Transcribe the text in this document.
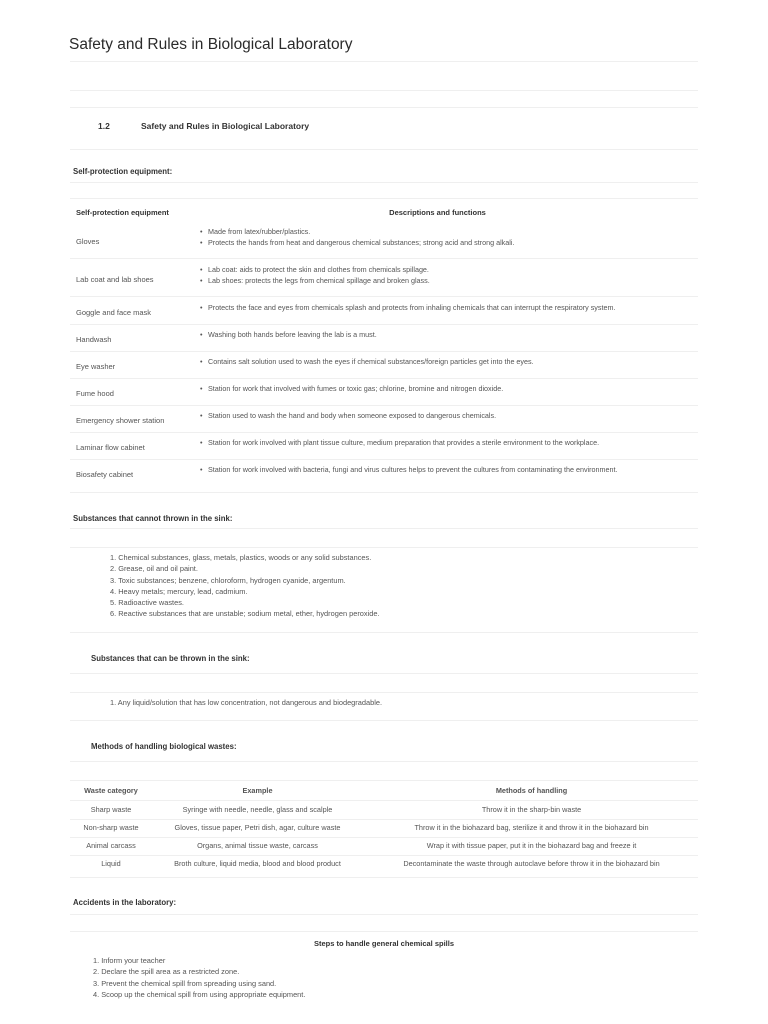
Safety and Rules in Biological Laboratory
1.2	Safety and Rules in Biological Laboratory
Self-protection equipment:
Self-protection equipment	Descriptions and functions
Gloves
• Made from latex/rubber/plastics.
• Protects the hands from heat and dangerous chemical substances; strong acid and strong alkali.
Lab coat and lab shoes
• Lab coat: aids to protect the skin and clothes from chemicals spillage.
• Lab shoes: protects the legs from chemical spillage and broken glass.
Goggle and face mask
• Protects the face and eyes from chemicals splash and protects from inhaling chemicals that can interrupt the respiratory system.
Handwash
• Washing both hands before leaving the lab is a must.
Eye washer
• Contains salt solution used to wash the eyes if chemical substances/foreign particles get into the eyes.
Fume hood
• Station for work that involved with fumes or toxic gas; chlorine, bromine and nitrogen dioxide.
Emergency shower station
• Station used to wash the hand and body when someone exposed to dangerous chemicals.
Laminar flow cabinet
• Station for work involved with plant tissue culture, medium preparation that provides a sterile environment to the workplace.
Biosafety cabinet
• Station for work involved with bacteria, fungi and virus cultures helps to prevent the cultures from contaminating the environment.
Substances that cannot thrown in the sink:
1. Chemical substances, glass, metals, plastics, woods or any solid substances.
2. Grease, oil and oil paint.
3. Toxic substances; benzene, chloroform, hydrogen cyanide, argentum.
4. Heavy metals; mercury, lead, cadmium.
5. Radioactive wastes.
6. Reactive substances that are unstable; sodium metal, ether, hydrogen peroxide.
Substances that can be thrown in the sink:
1. Any liquid/solution that has low concentration, not dangerous and biodegradable.
Methods of handling biological wastes:
Waste category	Example	Methods of handling
Sharp waste	Syringe with needle, needle, glass and scalple	Throw it in the sharp-bin waste
Non-sharp waste	Gloves, tissue paper, Petri dish, agar, culture waste	Throw it in the biohazard bag, sterilize it and throw it in the biohazard bin
Animal carcass	Organs, animal tissue waste, carcass	Wrap it with tissue paper, put it in the biohazard bag and freeze it
Liquid	Broth culture, liquid media, blood and blood product	Decontaminate the waste through autoclave before throw it in the biohazard bin
Accidents in the laboratory:
Steps to handle general chemical spills
1. Inform your teacher
2. Declare the spill area as a restricted zone.
3. Prevent the chemical spill from spreading using sand.
4. Scoop up the chemical spill from using appropriate equipment.
